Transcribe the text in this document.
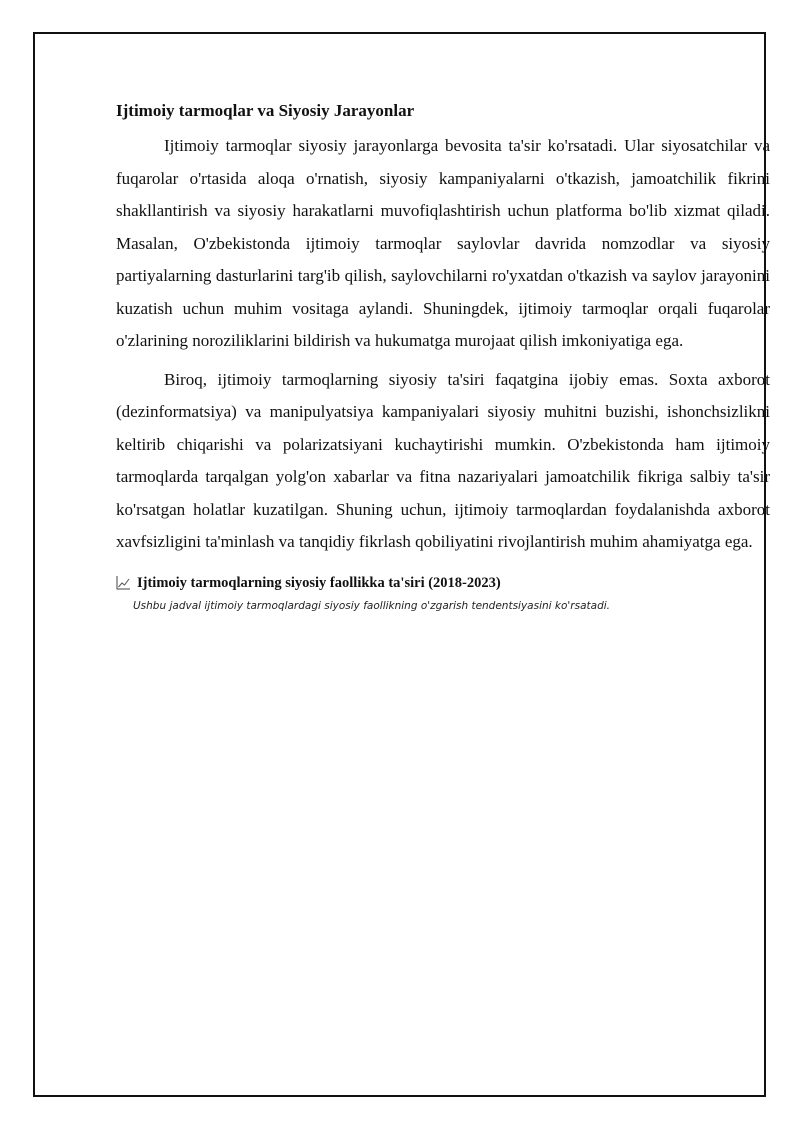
Ijtimoiy tarmoqlar va Siyosiy Jarayonlar

Ijtimoiy tarmoqlar siyosiy jarayonlarga bevosita ta'sir ko'rsatadi. Ular siyosatchilar va fuqarolar o'rtasida aloqa o'rnatish, siyosiy kampaniyalarni o'tkazish, jamoatchilik fikrini shakllantirish va siyosiy harakatlarni muvofiqlashtirish uchun platforma bo'lib xizmat qiladi. Masalan, O'zbekistonda ijtimoiy tarmoqlar saylovlar davrida nomzodlar va siyosiy partiyalarning dasturlarini targ'ib qilish, saylovchilarni ro'yxatdan o'tkazish va saylov jarayonini kuzatish uchun muhim vositaga aylandi. Shuningdek, ijtimoiy tarmoqlar orqali fuqarolar o'zlarining noroziliklarini bildirish va hukumatga murojaat qilish imkoniyatiga ega.

Biroq, ijtimoiy tarmoqlarning siyosiy ta'siri faqatgina ijobiy emas. Soxta axborot (dezinformatsiya) va manipulyatsiya kampaniyalari siyosiy muhitni buzishi, ishonchsizlikni keltirib chiqarishi va polarizatsiyani kuchaytirishi mumkin. O'zbekistonda ham ijtimoiy tarmoqlarda tarqalgan yolg'on xabarlar va fitna nazariyalari jamoatchilik fikriga salbiy ta'sir ko'rsatgan holatlar kuzatilgan. Shuning uchun, ijtimoiy tarmoqlardan foydalanishda axborot xavfsizligini ta'minlash va tanqidiy fikrlash qobiliyatini rivojlantirish muhim ahamiyatga ega.

Ijtimoiy tarmoqlarning siyosiy faollikka ta'siri (2018-2023)
Ushbu jadval ijtimoiy tarmoqlardagi siyosiy faollikning o'zgarish tendentsiyasini ko'rsatadi.
